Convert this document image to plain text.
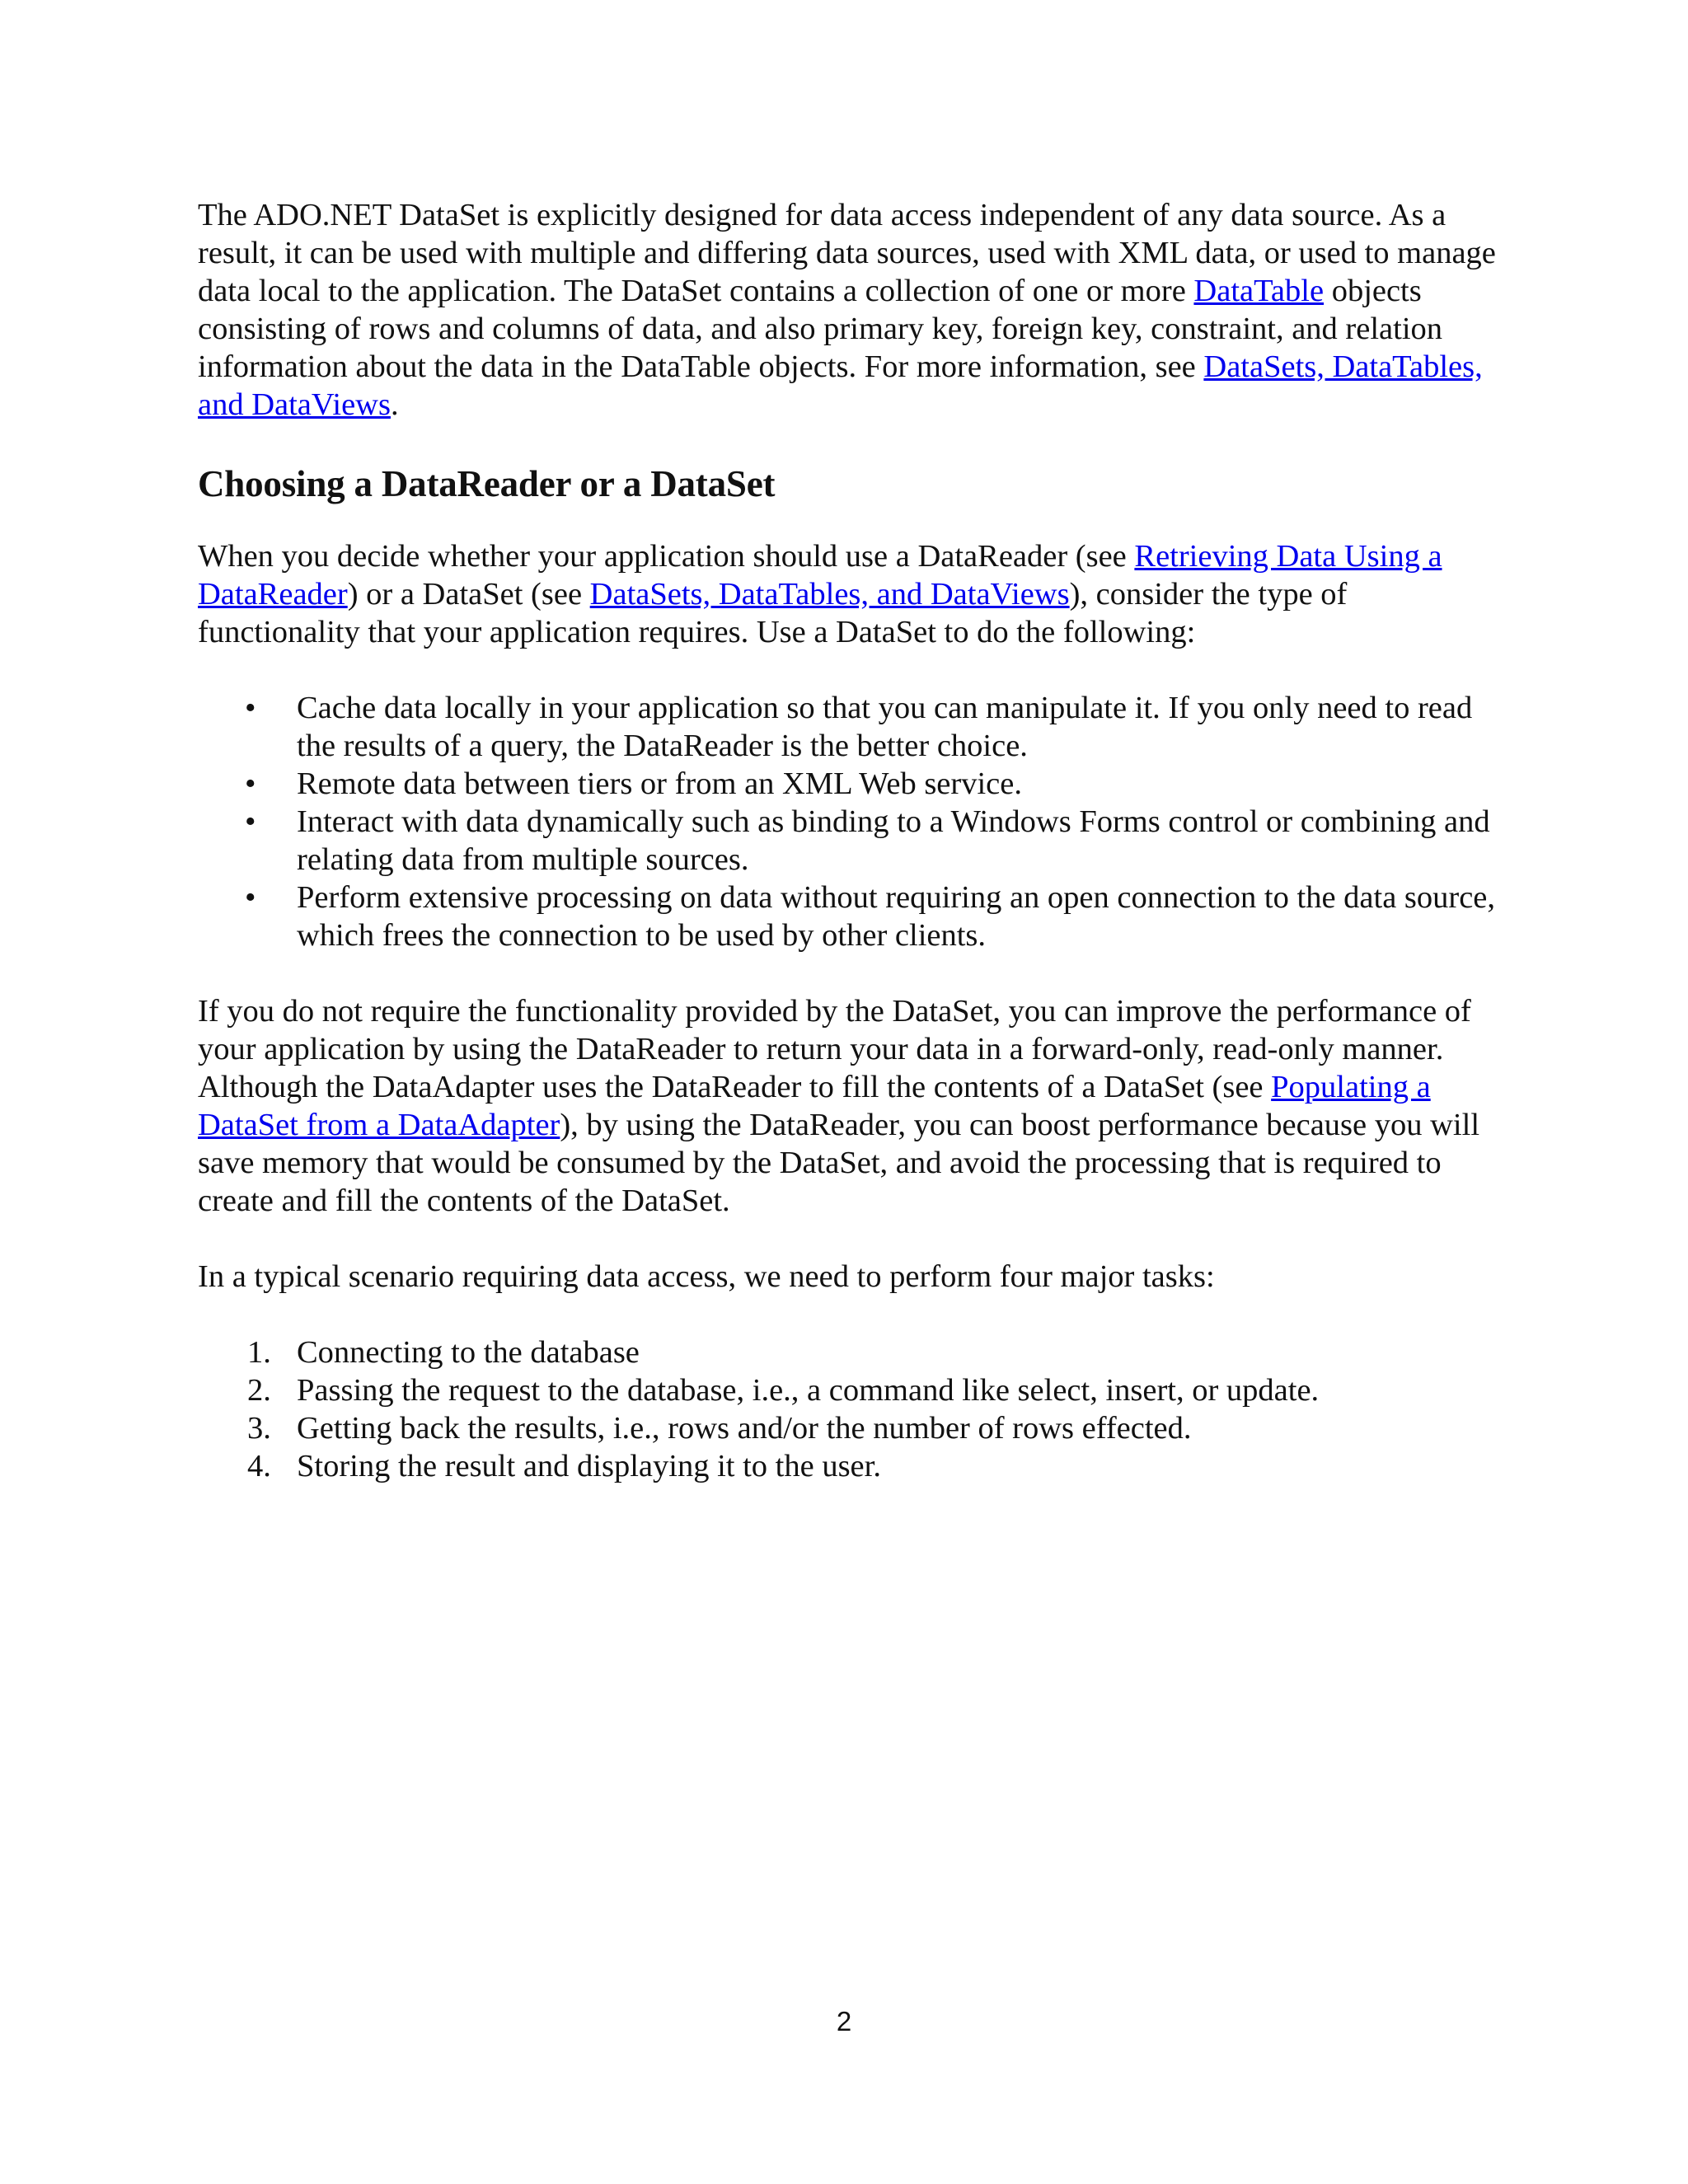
The ADO.NET DataSet is explicitly designed for data access independent of any data source. As a result, it can be used with multiple and differing data sources, used with XML data, or used to manage data local to the application. The DataSet contains a collection of one or more DataTable objects consisting of rows and columns of data, and also primary key, foreign key, constraint, and relation information about the data in the DataTable objects. For more information, see DataSets, DataTables, and DataViews.

Choosing a DataReader or a DataSet

When you decide whether your application should use a DataReader (see Retrieving Data Using a DataReader) or a DataSet (see DataSets, DataTables, and DataViews), consider the type of functionality that your application requires. Use a DataSet to do the following:

• Cache data locally in your application so that you can manipulate it. If you only need to read the results of a query, the DataReader is the better choice.
• Remote data between tiers or from an XML Web service.
• Interact with data dynamically such as binding to a Windows Forms control or combining and relating data from multiple sources.
• Perform extensive processing on data without requiring an open connection to the data source, which frees the connection to be used by other clients.

If you do not require the functionality provided by the DataSet, you can improve the performance of your application by using the DataReader to return your data in a forward-only, read-only manner. Although the DataAdapter uses the DataReader to fill the contents of a DataSet (see Populating a DataSet from a DataAdapter), by using the DataReader, you can boost performance because you will save memory that would be consumed by the DataSet, and avoid the processing that is required to create and fill the contents of the DataSet.

In a typical scenario requiring data access, we need to perform four major tasks:

1. Connecting to the database
2. Passing the request to the database, i.e., a command like select, insert, or update.
3. Getting back the results, i.e., rows and/or the number of rows effected.
4. Storing the result and displaying it to the user.
2
